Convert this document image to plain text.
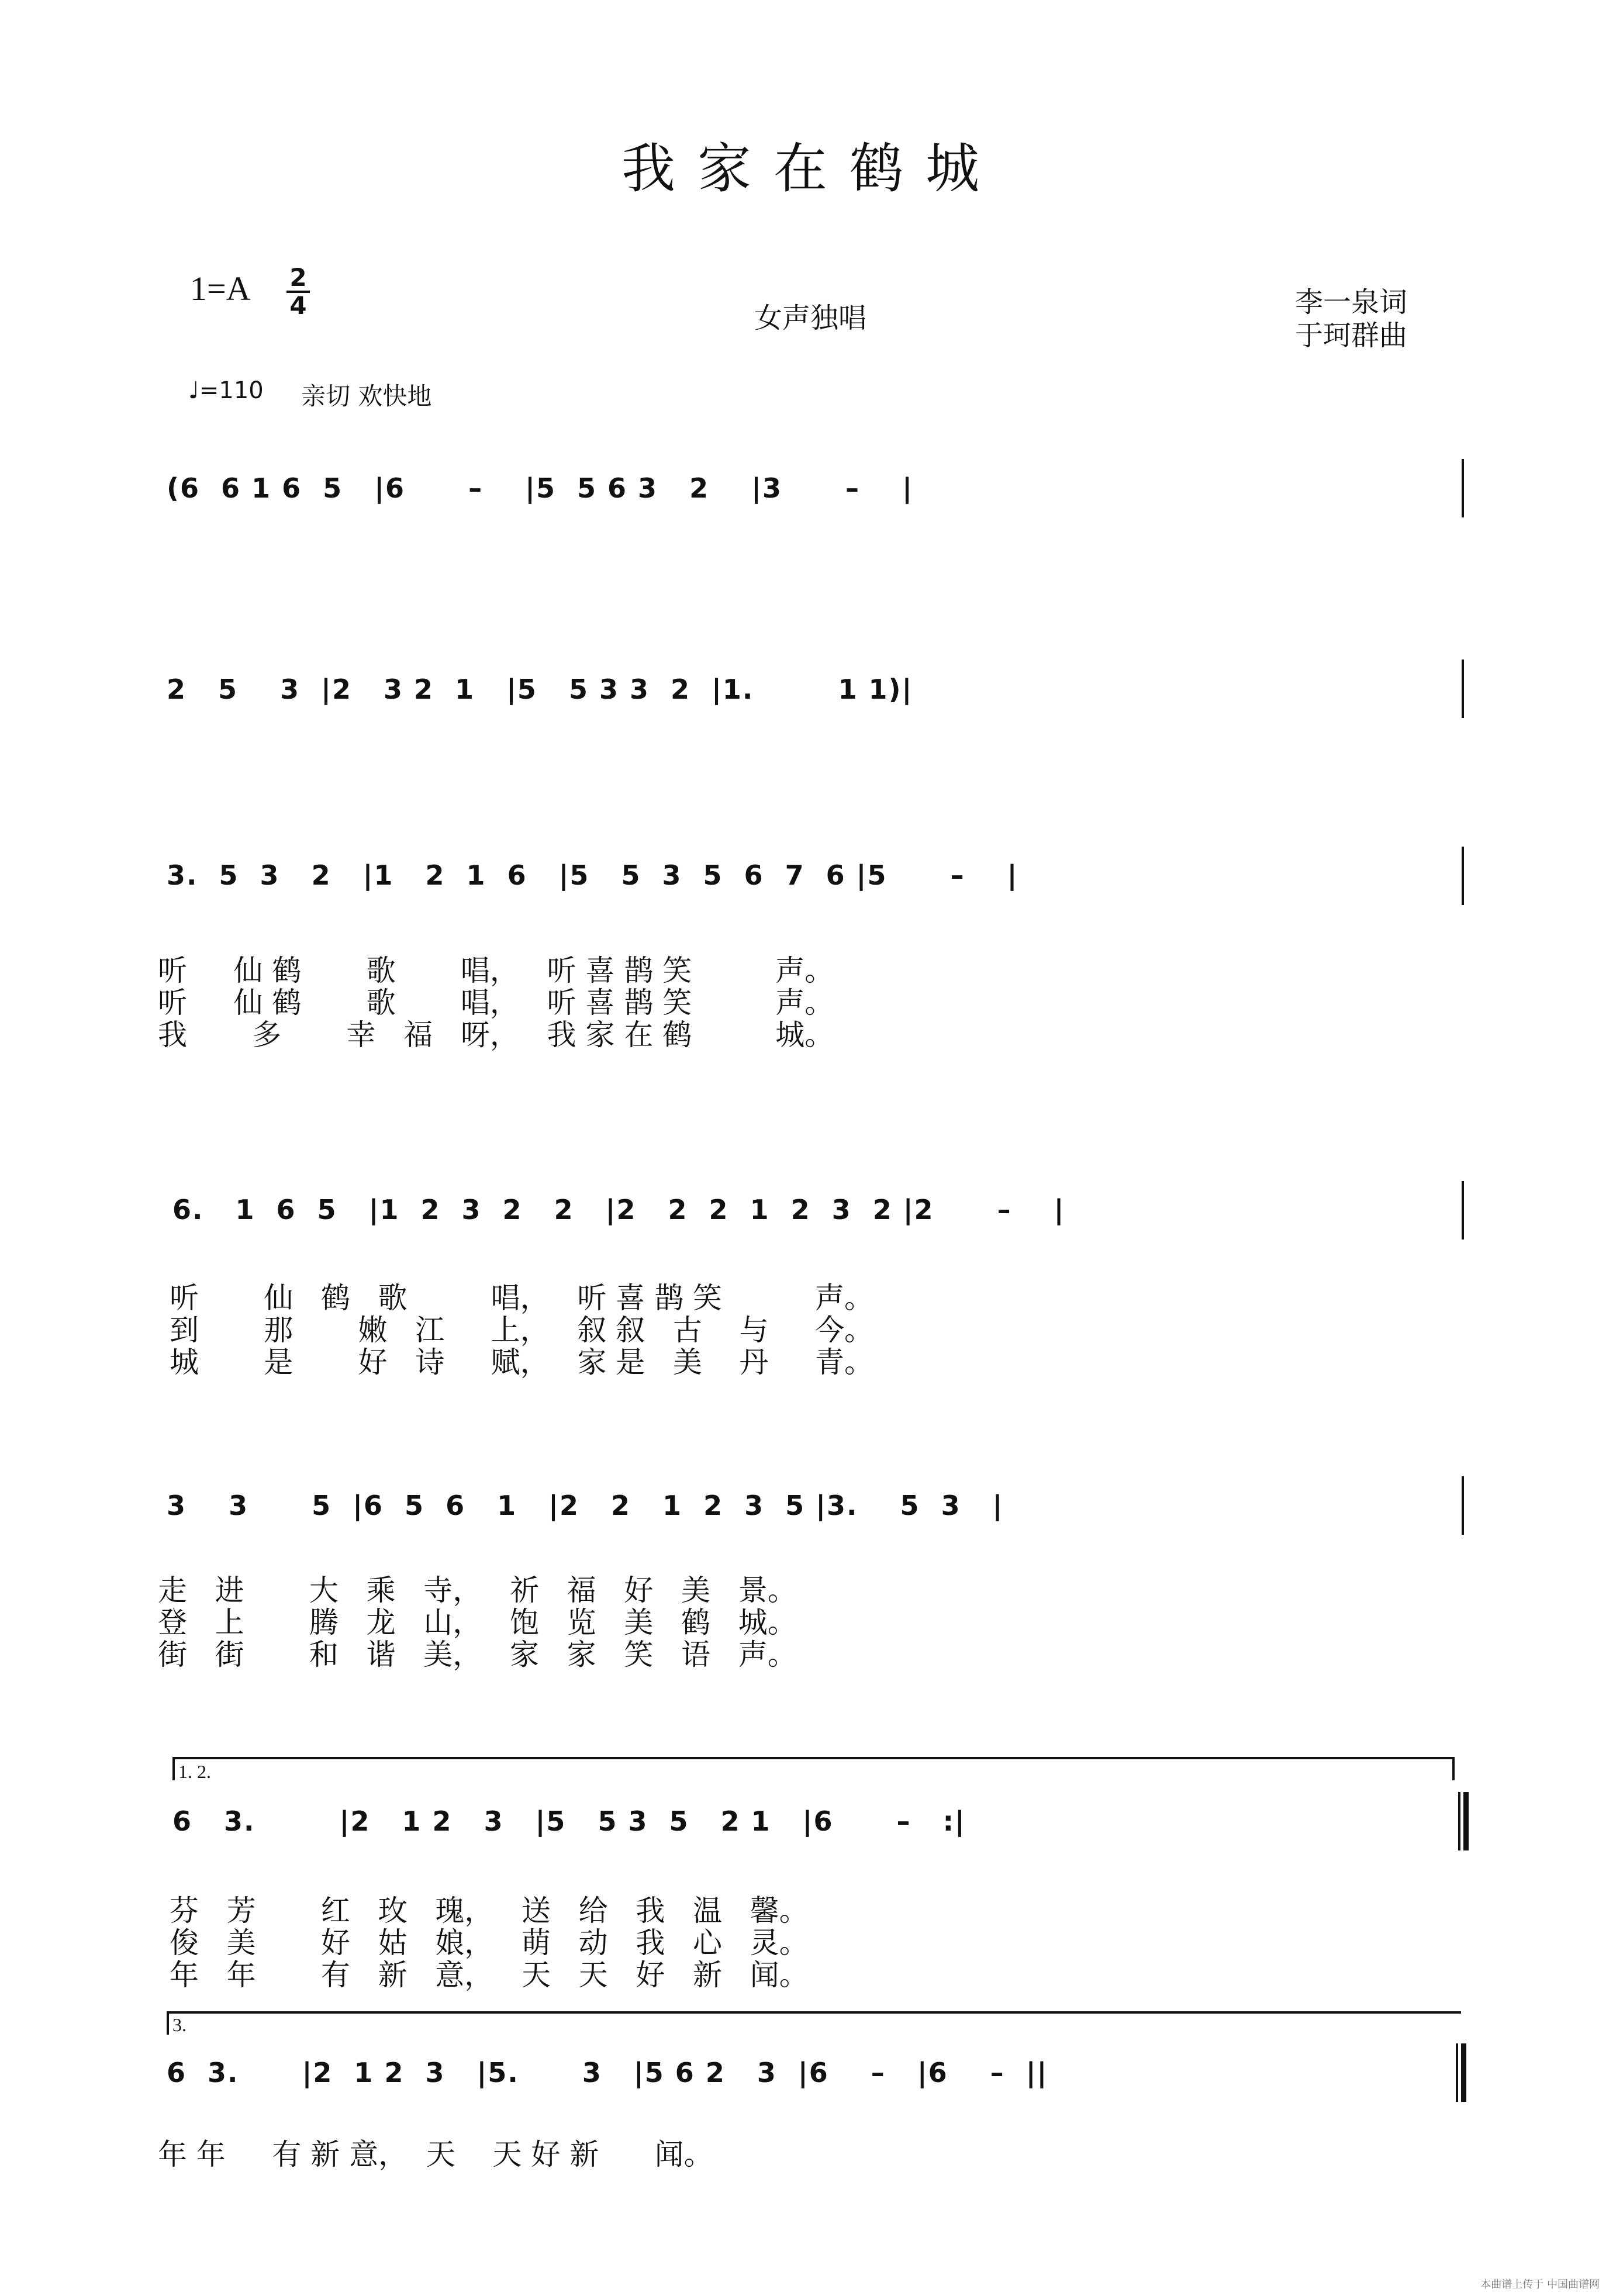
我家在鹤城
1=A 2
4	女声独唱	李一泉词
于珂群曲
♩=110 亲切 欢快地
(6  6 1 6  5   |6      –    |5  5 6 3   2    |3      –    |
2   5    3  |2   3 2  1   |5   5 3 3  2  |1.        1 1)|
3.  5  3   2   |1   2  1  6   |5   5  3  5  6  7  6 |5      –    |
听     仙 鹤       歌       唱，   听 喜 鹊 笑         声。
听     仙 鹤       歌       唱，   听 喜 鹊 笑         声。
我       多       幸   福   呀，   我 家 在 鹤         城。
6.   1  6  5   |1  2  3  2   2   |2   2  2  1  2  3  2 |2      –    |
听       仙   鹤   歌         唱，   听 喜 鹊 笑          声。
到       那       嫩   江     上，   叙 叙   古    与     今。
城       是       好   诗     赋，   家 是   美    丹     青。
3    3      5  |6  5  6   1   |2   2   1  2  3  5 |3.    5  3   |
走   进       大   乘   寺，   祈   福   好   美   景。
登   上       腾   龙   山，   饱   览   美   鹤   城。
街   街       和   谐   美，   家   家   笑   语   声。
1. 2.
6   3.        |2   1 2   3   |5   5 3  5   2 1   |6      –   :|
芬   芳       红   玫   瑰，   送   给   我   温   馨。
俊   美       好   姑   娘，   萌   动   我   心   灵。
年   年       有   新   意，   天   天   好   新   闻。
3.
6  3.      |2  1 2  3   |5.      3   |5 6 2   3  |6    –   |6    –  ||
年 年     有 新 意，  天    天 好 新      闻。
本曲谱上传于 中国曲谱网
